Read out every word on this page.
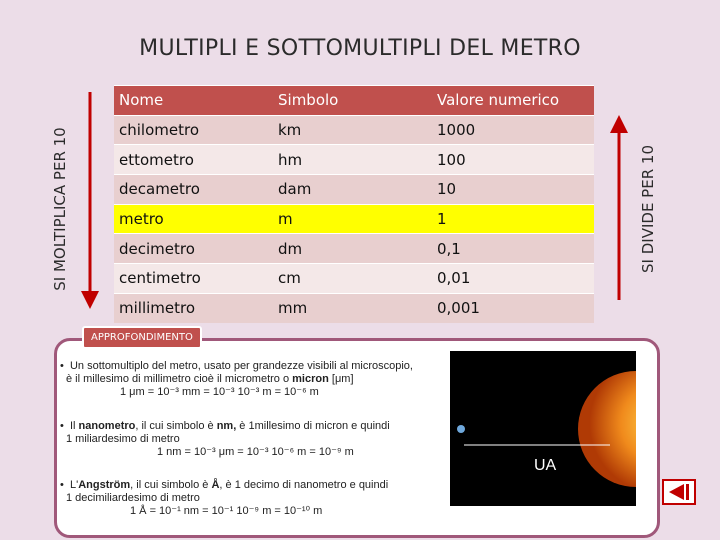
MULTIPLI E SOTTOMULTIPLI DEL METRO
SI MOLTIPLICA PER 10	SI DIVIDE PER 10
Nome	Simbolo	Valore numerico
chilometro	km	1000
ettometro	hm	100
decametro	dam	10
metro	m	1
decimetro	dm	0,1
centimetro	cm	0,01
millimetro	mm	0,001
APPROFONDIMENTO
•  Un sottomultiplo del metro, usato per grandezze visibili al microscopio,
è il millesimo di millimetro cioè il micrometro o micron [μm]
1 μm = 10⁻³ mm = 10⁻³ 10⁻³ m = 10⁻⁶ m
•  Il nanometro, il cui simbolo è nm, è 1millesimo di micron e quindi
1 miliardesimo di metro
1 nm = 10⁻³ μm = 10⁻³ 10⁻⁶ m = 10⁻⁹ m
•  L'Angström, il cui simbolo è Å, è 1 decimo di nanometro e quindi
1 decimiliardesimo di metro
1 Å = 10⁻¹ nm = 10⁻¹ 10⁻⁹ m = 10⁻¹⁰ m
UA
